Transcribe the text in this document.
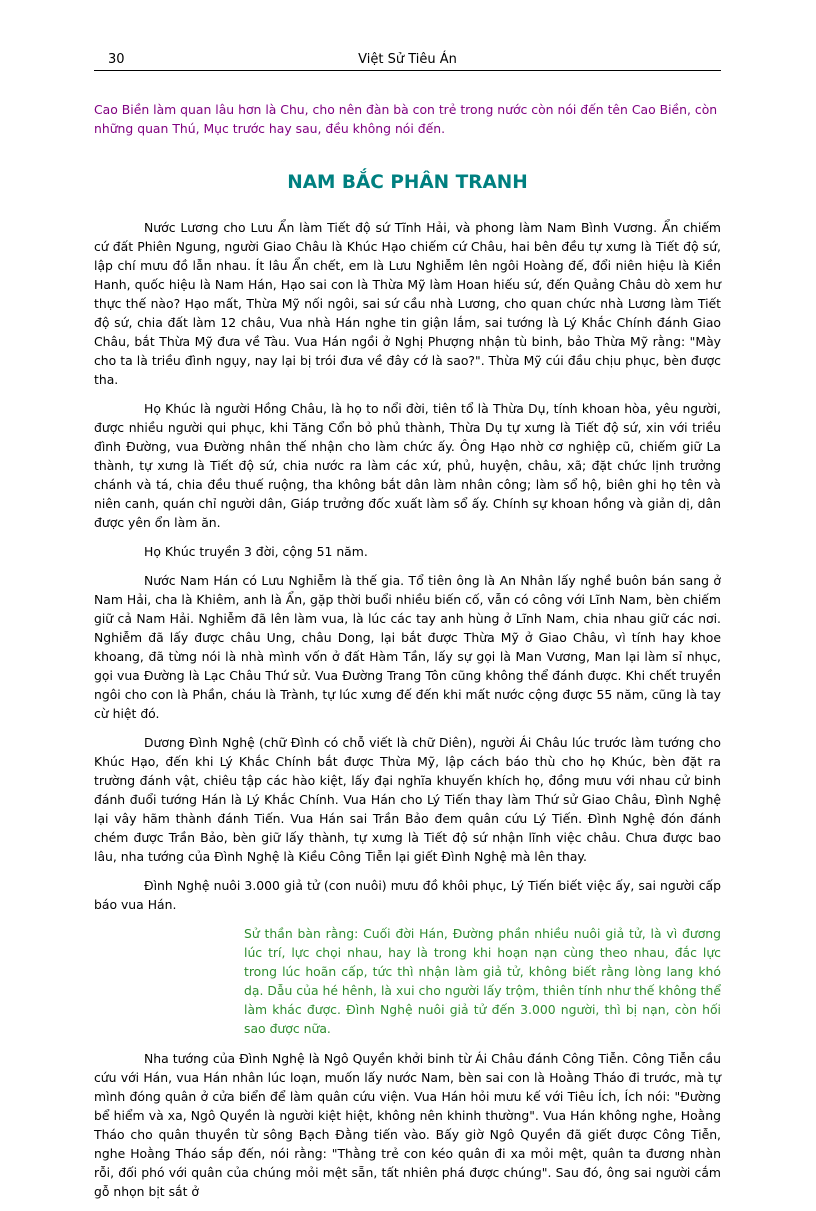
30	Việt Sử Tiêu Án
Cao Biền làm quan lâu hơn là Chu, cho nên đàn bà con trẻ trong nước còn nói đến tên Cao Biền, còn những quan Thú, Mục trước hay sau, đều không nói đến.
NAM BẮC PHÂN TRANH

Nước Lương cho Lưu Ẩn làm Tiết độ sứ Tĩnh Hải, và phong làm Nam Bình Vương. Ẩn chiếm cứ đất Phiên Ngung, người Giao Châu là Khúc Hạo chiếm cứ Châu, hai bên đều tự xưng là Tiết độ sứ, lập chí mưu đồ lẫn nhau. Ít lâu Ẩn chết, em là Lưu Nghiễm lên ngôi Hoàng đế, đổi niên hiệu là Kiền Hanh, quốc hiệu là Nam Hán, Hạo sai con là Thừa Mỹ làm Hoan hiếu sứ, đến Quảng Châu dò xem hư thực thế nào? Hạo mất, Thừa Mỹ nối ngôi, sai sứ cầu nhà Lương, cho quan chức nhà Lương làm Tiết độ sứ, chia đất làm 12 châu, Vua nhà Hán nghe tin giận lắm, sai tướng là Lý Khắc Chính đánh Giao Châu, bắt Thừa Mỹ đưa về Tàu. Vua Hán ngồi ở Nghị Phượng nhận tù binh, bảo Thừa Mỹ rằng: "Mày cho ta là triều đình ngụy, nay lại bị trói đưa về đây cớ là sao?". Thừa Mỹ cúi đầu chịu phục, bèn được tha.

Họ Khúc là người Hồng Châu, là họ to nổi đời, tiên tổ là Thừa Dụ, tính khoan hòa, yêu người, được nhiều người qui phục, khi Tăng Cổn bỏ phủ thành, Thừa Dụ tự xưng là Tiết độ sứ, xin với triều đình Đường, vua Đường nhân thế nhận cho làm chức ấy. Ông Hạo nhờ cơ nghiệp cũ, chiếm giữ La thành, tự xưng là Tiết độ sứ, chia nước ra làm các xứ, phủ, huyện, châu, xã; đặt chức lịnh trưởng chánh và tá, chia đều thuế ruộng, tha không bắt dân làm nhân công; làm sổ hộ, biên ghi họ tên và niên canh, quán chỉ người dân, Giáp trưởng đốc xuất làm sổ ấy. Chính sự khoan hồng và giản dị, dân được yên ổn làm ăn.

Họ Khúc truyền 3 đời, cộng 51 năm.

Nước Nam Hán có Lưu Nghiễm là thế gia. Tổ tiên ông là An Nhân lấy nghề buôn bán sang ở Nam Hải, cha là Khiêm, anh là Ẩn, gặp thời buổi nhiều biến cố, vẫn có công với Lĩnh Nam, bèn chiếm giữ cả Nam Hải. Nghiễm đã lên làm vua, là lúc các tay anh hùng ở Lĩnh Nam, chia nhau giữ các nơi. Nghiễm đã lấy được châu Ung, châu Dong, lại bắt được Thừa Mỹ ở Giao Châu, vì tính hay khoe khoang, đã từng nói là nhà mình vốn ở đất Hàm Tần, lấy sự gọi là Man Vương, Man lại làm sỉ nhục, gọi vua Đường là Lạc Châu Thứ sử. Vua Đường Trang Tôn cũng không thể đánh được. Khi chết truyền ngôi cho con là Phần, cháu là Trành, tự lúc xưng đế đến khi mất nước cộng được 55 năm, cũng là tay cừ hiệt đó.

Dương Đình Nghệ (chữ Đình có chỗ viết là chữ Diên), người Ái Châu lúc trước làm tướng cho Khúc Hạo, đến khi Lý Khắc Chính bắt được Thừa Mỹ, lập cách báo thù cho họ Khúc, bèn đặt ra trường đánh vật, chiêu tập các hào kiệt, lấy đại nghĩa khuyến khích họ, đồng mưu với nhau cử binh đánh đuổi tướng Hán là Lý Khắc Chính. Vua Hán cho Lý Tiến thay làm Thứ sử Giao Châu, Đình Nghệ lại vây hãm thành đánh Tiến. Vua Hán sai Trần Bảo đem quân cứu Lý Tiến. Đình Nghệ đón đánh chém được Trần Bảo, bèn giữ lấy thành, tự xưng là Tiết độ sứ nhận lĩnh việc châu. Chưa được bao lâu, nha tướng của Đình Nghệ là Kiều Công Tiễn lại giết Đình Nghệ mà lên thay.

Đình Nghệ nuôi 3.000 giả tử (con nuôi) mưu đồ khôi phục, Lý Tiến biết việc ấy, sai người cấp báo vua Hán.

Sử thần bàn rằng: Cuối đời Hán, Đường phần nhiều nuôi giả tử, là vì đương lúc trí, lực chọi nhau, hay là trong khi hoạn nạn cùng theo nhau, đắc lực trong lúc hoãn cấp, tức thì nhận làm giả tử, không biết rằng lòng lang khó dạ. Dẫu của hé hênh, là xui cho người lấy trộm, thiên tính như thế không thể làm khác được. Đình Nghệ nuôi giả tử đến 3.000 người, thì bị nạn, còn hối sao được nữa.

Nha tướng của Đình Nghệ là Ngô Quyền khởi binh từ Ái Châu đánh Công Tiễn. Công Tiễn cầu cứu với Hán, vua Hán nhân lúc loạn, muốn lấy nước Nam, bèn sai con là Hoằng Tháo đi trước, mà tự mình đóng quân ở cửa biển để làm quân cứu viện. Vua Hán hỏi mưu kế với Tiêu Ích, Ích nói: "Đường bể hiểm và xa, Ngô Quyền là người kiệt hiệt, không nên khinh thường". Vua Hán không nghe, Hoằng Tháo cho quân thuyền từ sông Bạch Đằng tiến vào. Bấy giờ Ngô Quyền đã giết được Công Tiễn, nghe Hoằng Tháo sắp đến, nói rằng: "Thằng trẻ con kéo quân đi xa mỏi mệt, quân ta đương nhàn rỗi, đối phó với quân của chúng mỏi mệt sẵn, tất nhiên phá được chúng". Sau đó, ông sai người cắm gỗ nhọn bịt sắt ở
